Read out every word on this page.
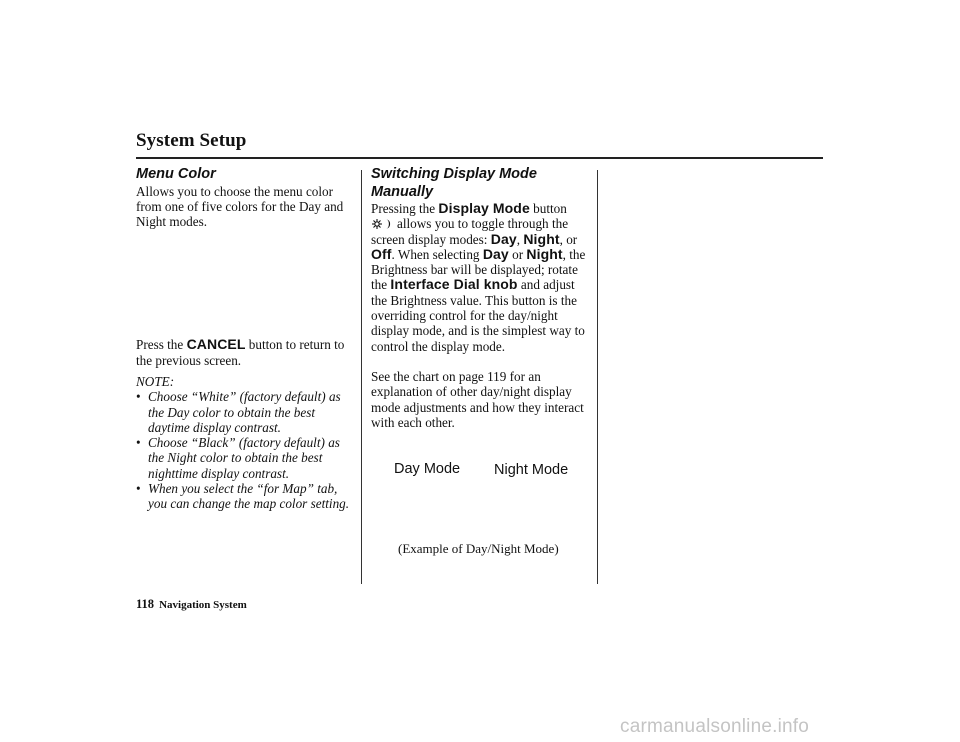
System Setup
Menu Color

Allows you to choose the menu color from one of five colors for the Day and Night modes.

Press the CANCEL button to return to the previous screen.

NOTE:

• Choose “White” (factory default) as the Day color to obtain the best daytime display contrast.
• Choose “Black” (factory default) as the Night color to obtain the best nighttime display contrast.
• When you select the “for Map” tab, you can change the map color setting.
Switching Display Mode
Manually

Pressing the Display Mode button

allows you to toggle through the screen display modes: Day, Night, or Off. When selecting Day or Night, the Brightness bar will be displayed; rotate the Interface Dial knob and adjust the Brightness value. This button is the overriding control for the day/night display mode, and is the simplest way to control the display mode.

See the chart on page 119 for an explanation of other day/night display mode adjustments and how they interact with each other.

Day Mode Night Mode
(Example of Day/Night Mode)
118 Navigation System
carmanualsonline.info
